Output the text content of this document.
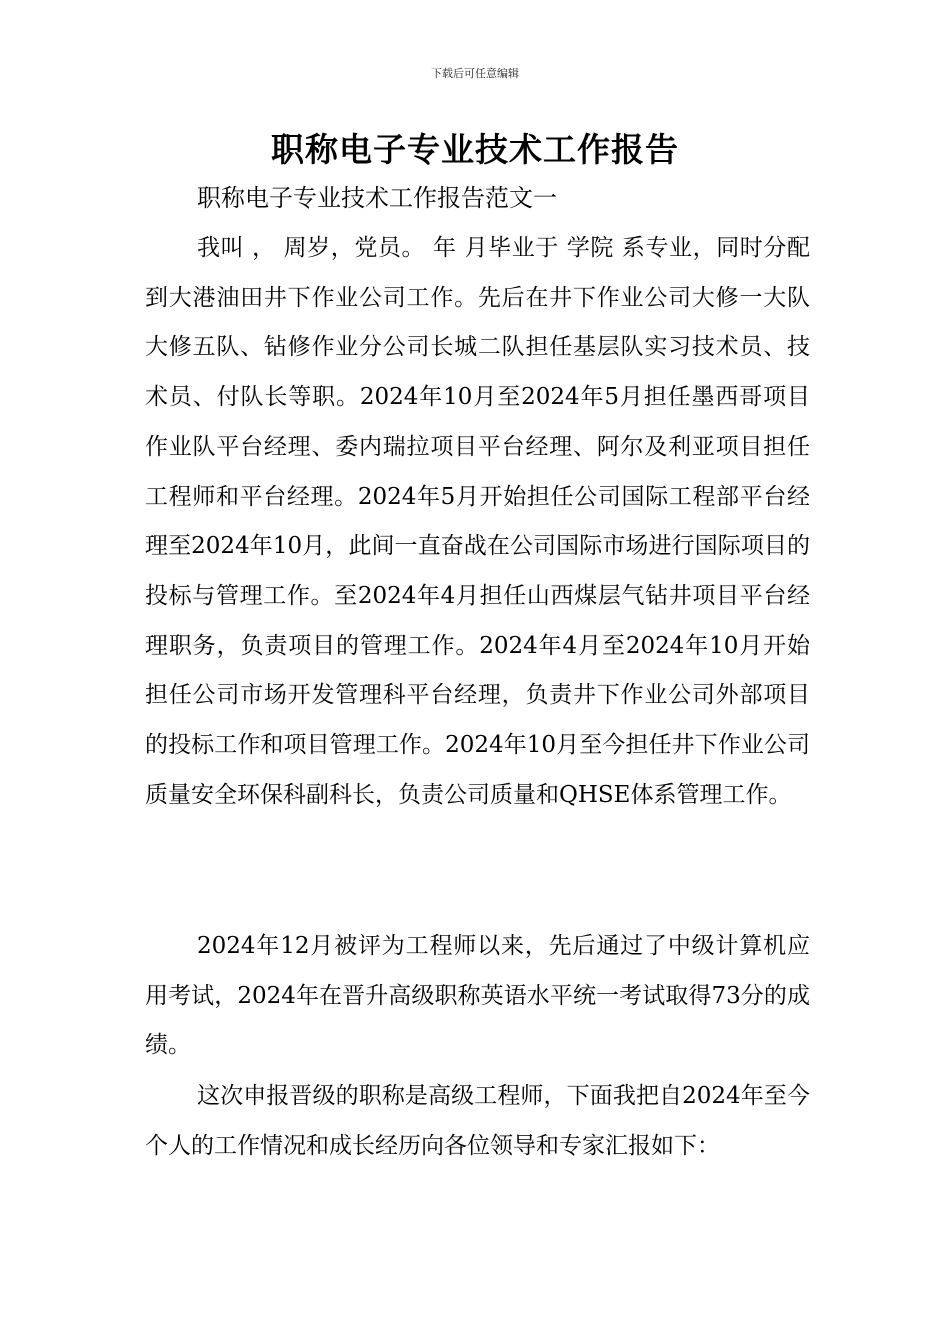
下载后可任意编辑
职称电子专业技术工作报告
职称电子专业技术工作报告范文一

我叫 ， 周岁，党员。 年 月毕业于 学院 系专业，同时分配到大港油田井下作业公司工作。先后在井下作业公司大修一大队大修五队、钻修作业分公司长城二队担任基层队实习技术员、技术员、付队长等职。2024年10月至2024年5月担任墨西哥项目作业队平台经理、委内瑞拉项目平台经理、阿尔及利亚项目担任工程师和平台经理。2024年5月开始担任公司国际工程部平台经理至2024年10月，此间一直奋战在公司国际市场进行国际项目的投标与管理工作。至2024年4月担任山西煤层气钻井项目平台经理职务，负责项目的管理工作。2024年4月至2024年10月开始担任公司市场开发管理科平台经理，负责井下作业公司外部项目的投标工作和项目管理工作。2024年10月至今担任井下作业公司质量安全环保科副科长，负责公司质量和QHSE体系管理工作。

2024年12月被评为工程师以来，先后通过了中级计算机应用考试，2024年在晋升高级职称英语水平统一考试取得73分的成绩。

这次申报晋级的职称是高级工程师，下面我把自2024年至今个人的工作情况和成长经历向各位领导和专家汇报如下：
